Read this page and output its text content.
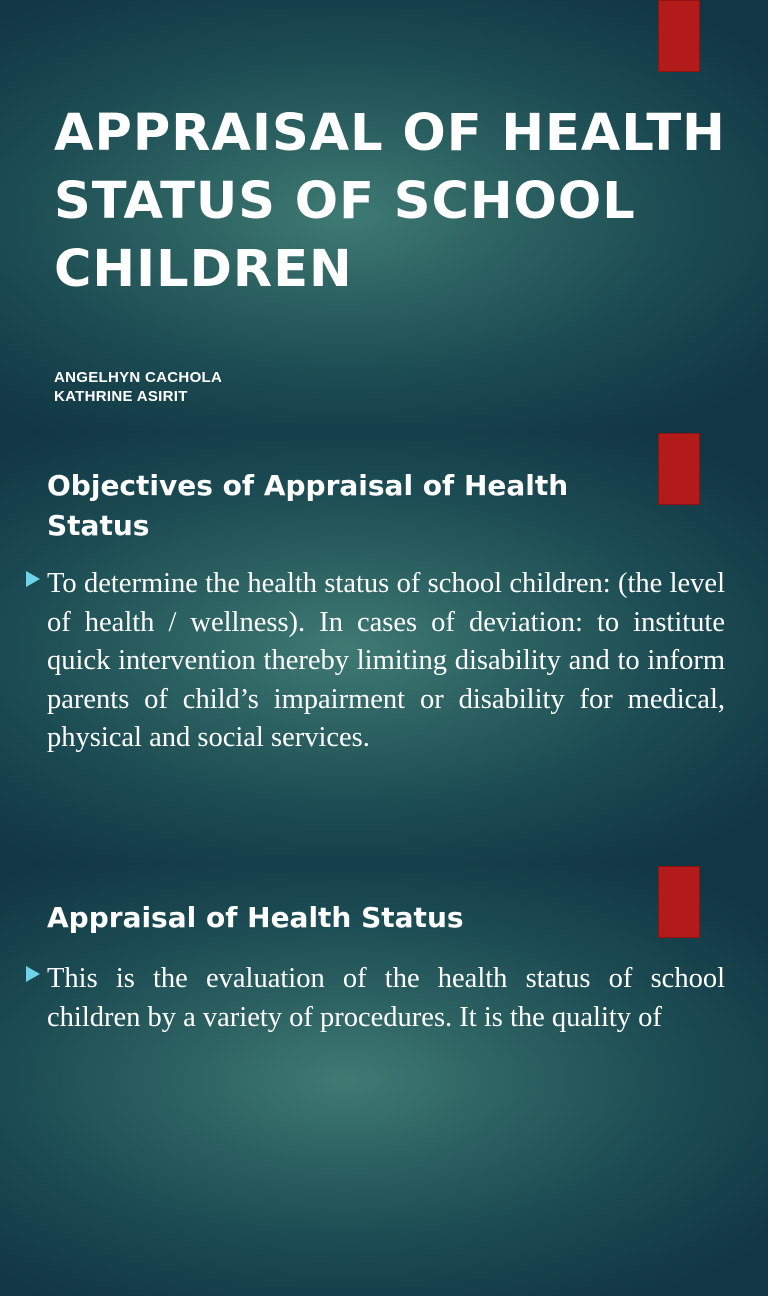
APPRAISAL OF HEALTH STATUS OF SCHOOL CHILDREN
ANGELHYN CACHOLA
KATHRINE ASIRIT
Objectives of Appraisal of Health Status

To determine the health status of school children: (the level of health / wellness). In cases of deviation: to institute quick intervention thereby limiting disability and to inform parents of child’s impairment or disability for medical, physical and social services.

Appraisal of Health Status

This is the evaluation of the health status of school children by a variety of procedures. It is the quality of
